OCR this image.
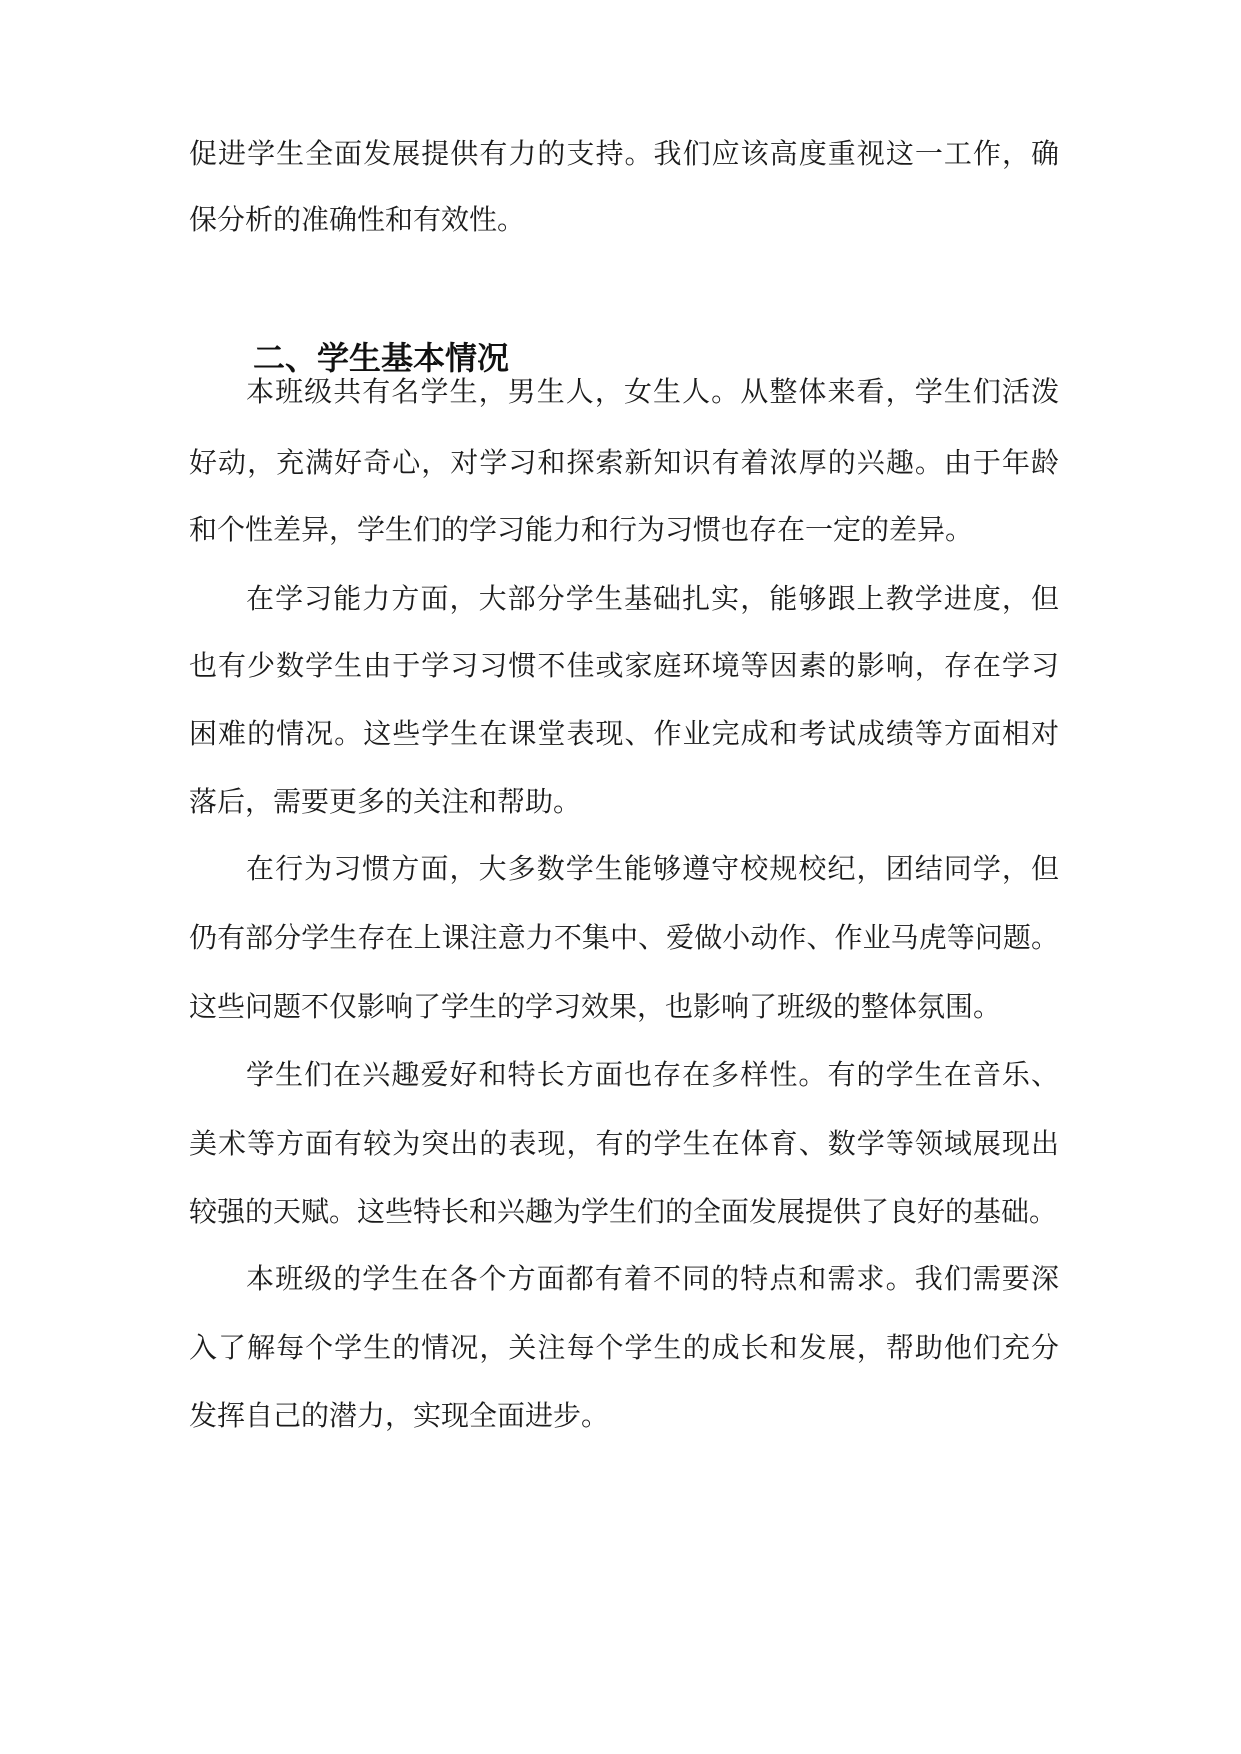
促进学生全面发展提供有力的支持。我们应该高度重视这一工作，确
保分析的准确性和有效性。
二、学生基本情况
本班级共有名学生，男生人，女生人。从整体来看，学生们活泼
好动，充满好奇心，对学习和探索新知识有着浓厚的兴趣。由于年龄
和个性差异，学生们的学习能力和行为习惯也存在一定的差异。
在学习能力方面，大部分学生基础扎实，能够跟上教学进度，但
也有少数学生由于学习习惯不佳或家庭环境等因素的影响，存在学习
困难的情况。这些学生在课堂表现、作业完成和考试成绩等方面相对
落后，需要更多的关注和帮助。
在行为习惯方面，大多数学生能够遵守校规校纪，团结同学，但
仍有部分学生存在上课注意力不集中、爱做小动作、作业马虎等问题。
这些问题不仅影响了学生的学习效果，也影响了班级的整体氛围。
学生们在兴趣爱好和特长方面也存在多样性。有的学生在音乐、
美术等方面有较为突出的表现，有的学生在体育、数学等领域展现出
较强的天赋。这些特长和兴趣为学生们的全面发展提供了良好的基础。
本班级的学生在各个方面都有着不同的特点和需求。我们需要深
入了解每个学生的情况，关注每个学生的成长和发展，帮助他们充分
发挥自己的潜力，实现全面进步。
